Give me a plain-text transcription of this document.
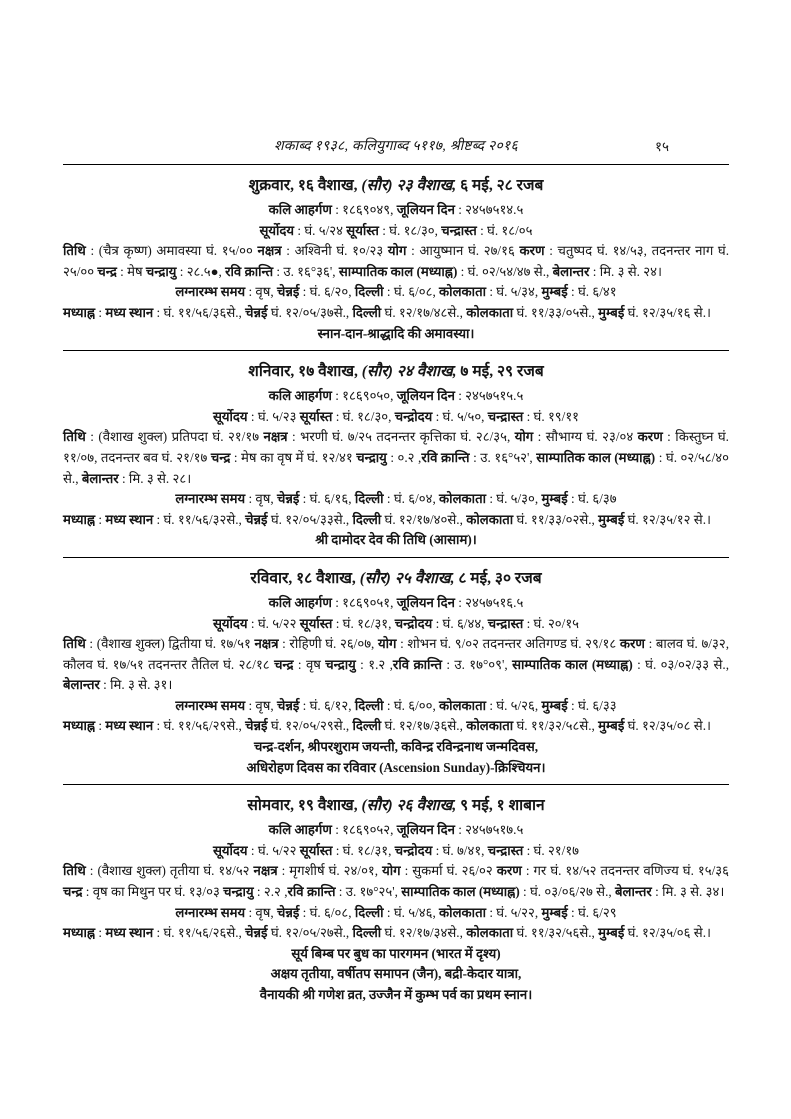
शकाब्द १९३८, कलियुगाब्द ५११७, श्रीष्टब्द २०१६	१५
शुक्रवार, १६ वैशाख, (सौर) २३ वैशाख, ६ मई, २८ रजब
कलि आहर्गण : १८६९०४९, जूलियन दिन : २४५७५१४.५
सूर्योदय : घं. ५/२४ सूर्यास्त : घं. १८/३०, चन्द्रास्त : घं. १८/०५
तिथि : (चैत्र कृष्ण) अमावस्या घं. १५/०० नक्षत्र : अश्विनी घं. १०/२३ योग : आयुष्मान घं. २७/१६ करण : चतुष्पद घं. १४/५३, तदनन्तर नाग घं. २५/०० चन्द्र : मेष चन्द्रायु : २८.५●, रवि क्रान्ति : उ. १६°३६', साम्पातिक काल (मध्याह्न) : घं. ०२/५४/४७ से., बेलान्तर : मि. ३ से. २४।
लग्नारम्भ समय : वृष, चेन्नई : घं. ६/२०, दिल्ली : घं. ६/०८, कोलकाता : घं. ५/३४, मुम्बई : घं. ६/४१
मध्याह्न : मध्य स्थान : घं. ११/५६/३६से., चेन्नई घं. १२/०५/३७से., दिल्ली घं. १२/१७/४८से., कोलकाता घं. ११/३३/०५से., मुम्बई घं. १२/३५/१६ से.।
स्नान-दान-श्राद्धादि की अमावस्या।
शनिवार, १७ वैशाख, (सौर) २४ वैशाख, ७ मई, २९ रजब
कलि आहर्गण : १८६९०५०, जूलियन दिन : २४५७५१५.५
सूर्योदय : घं. ५/२३ सूर्यास्त : घं. १८/३०, चन्द्रोदय : घं. ५/५०, चन्द्रास्त : घं. १९/११
तिथि : (वैशाख शुक्ल) प्रतिपदा घं. २१/१७ नक्षत्र : भरणी घं. ७/२५ तदनन्तर कृत्तिका घं. २८/३५, योग : सौभाग्य घं. २३/०४ करण : किस्तुघ्न घं. ११/०७, तदनन्तर बव घं. २१/१७ चन्द्र : मेष का वृष में घं. १२/४१ चन्द्रायु : ०.२ ,रवि क्रान्ति : उ. १६°५२', साम्पातिक काल (मध्याह्न) : घं. ०२/५८/४० से., बेलान्तर : मि. ३ से. २८।
लग्नारम्भ समय : वृष, चेन्नई : घं. ६/१६, दिल्ली : घं. ६/०४, कोलकाता : घं. ५/३०, मुम्बई : घं. ६/३७
मध्याह्न : मध्य स्थान : घं. ११/५६/३२से., चेन्नई घं. १२/०५/३३से., दिल्ली घं. १२/१७/४०से., कोलकाता घं. ११/३३/०२से., मुम्बई घं. १२/३५/१२ से.।
श्री दामोदर देव की तिथि (आसाम)।
रविवार, १८ वैशाख, (सौर) २५ वैशाख, ८ मई, ३० रजब
कलि आहर्गण : १८६९०५१, जूलियन दिन : २४५७५१६.५
सूर्योदय : घं. ५/२२ सूर्यास्त : घं. १८/३१, चन्द्रोदय : घं. ६/४४, चन्द्रास्त : घं. २०/१५
तिथि : (वैशाख शुक्ल) द्वितीया घं. १७/५१ नक्षत्र : रोहिणी घं. २६/०७, योग : शोभन घं. ९/०२ तदनन्तर अतिगण्ड घं. २९/१८ करण : बालव घं. ७/३२, कौलव घं. १७/५१ तदनन्तर तैतिल घं. २८/१८ चन्द्र : वृष चन्द्रायु : १.२ ,रवि क्रान्ति : उ. १७°०९', साम्पातिक काल (मध्याह्न) : घं. ०३/०२/३३ से., बेलान्तर : मि. ३ से. ३१।
लग्नारम्भ समय : वृष, चेन्नई : घं. ६/१२, दिल्ली : घं. ६/००, कोलकाता : घं. ५/२६, मुम्बई : घं. ६/३३
मध्याह्न : मध्य स्थान : घं. ११/५६/२९से., चेन्नई घं. १२/०५/२९से., दिल्ली घं. १२/१७/३६से., कोलकाता घं. ११/३२/५८से., मुम्बई घं. १२/३५/०८ से.।
चन्द्र-दर्शन, श्रीपरशुराम जयन्ती, कविन्द्र रविन्द्रनाथ जन्मदिवस,
अधिरोहण दिवस का रविवार (Ascension Sunday)-क्रिश्चियन।
सोमवार, १९ वैशाख, (सौर) २६ वैशाख, ९ मई, १ शाबान
कलि आहर्गण : १८६९०५२, जूलियन दिन : २४५७५१७.५
सूर्योदय : घं. ५/२२ सूर्यास्त : घं. १८/३१, चन्द्रोदय : घं. ७/४१, चन्द्रास्त : घं. २१/१७
तिथि : (वैशाख शुक्ल) तृतीया घं. १४/५२ नक्षत्र : मृगशीर्ष घं. २४/०१, योग : सुकर्मा घं. २६/०२ करण : गर घं. १४/५२ तदनन्तर वणिज्य घं. १५/३६ चन्द्र : वृष का मिथुन पर घं. १३/०३ चन्द्रायु : २.२ ,रवि क्रान्ति : उ. १७°२५', साम्पातिक काल (मध्याह्न) : घं. ०३/०६/२७ से., बेलान्तर : मि. ३ से. ३४।
लग्नारम्भ समय : वृष, चेन्नई : घं. ६/०८, दिल्ली : घं. ५/४६, कोलकाता : घं. ५/२२, मुम्बई : घं. ६/२९
मध्याह्न : मध्य स्थान : घं. ११/५६/२६से., चेन्नई घं. १२/०५/२७से., दिल्ली घं. १२/१७/३४से., कोलकाता घं. ११/३२/५६से., मुम्बई घं. १२/३५/०६ से.।
सूर्य बिम्ब पर बुध का पारगमन (भारत में दृश्य)
अक्षय तृतीया, वर्षीतप समापन (जैन), बद्री-केदार यात्रा,
वैनायकी श्री गणेश व्रत, उज्जैन में कुम्भ पर्व का प्रथम स्नान।
